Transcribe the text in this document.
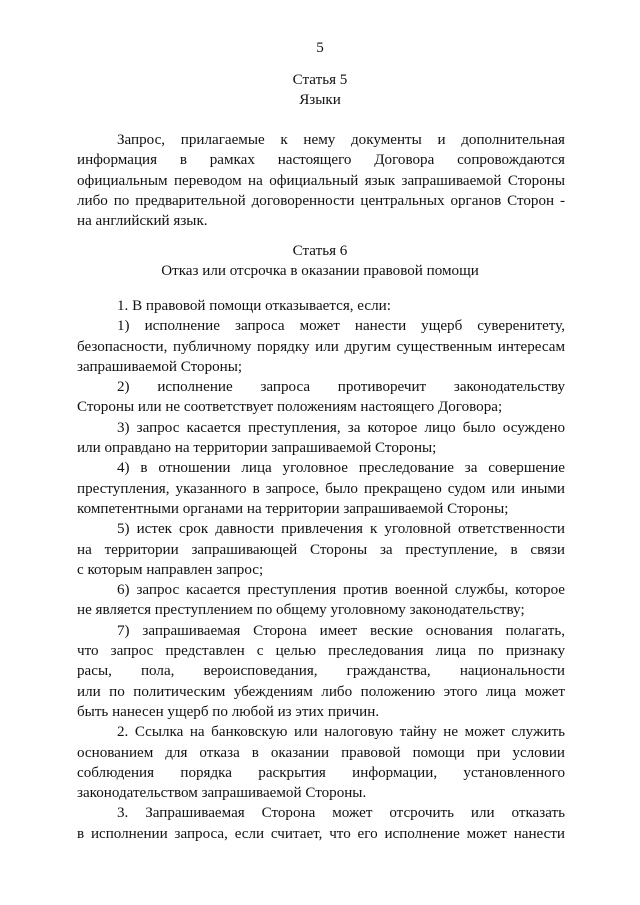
5
Статья 5
Языки
Запрос, прилагаемые к нему документы и дополнительная
информация в рамках настоящего Договора сопровождаются
официальным переводом на официальный язык запрашиваемой Стороны
либо по предварительной договоренности центральных органов Сторон -
на английский язык.
Статья 6
Отказ или отсрочка в оказании правовой помощи
1. В правовой помощи отказывается, если:
1) исполнение запроса может нанести ущерб суверенитету,
безопасности, публичному порядку или другим существенным интересам
запрашиваемой Стороны;
2) исполнение запроса противоречит законодательству
Стороны или не соответствует положениям настоящего Договора;
3) запрос касается преступления, за которое лицо было осуждено
или оправдано на территории запрашиваемой Стороны;
4) в отношении лица уголовное преследование за совершение
преступления, указанного в запросе, было прекращено судом или иными
компетентными органами на территории запрашиваемой Стороны;
5) истек срок давности привлечения к уголовной ответственности
на территории запрашивающей Стороны за преступление, в связи
с которым направлен запрос;
6) запрос касается преступления против военной службы, которое
не является преступлением по общему уголовному законодательству;
7) запрашиваемая Сторона имеет веские основания полагать,
что запрос представлен с целью преследования лица по признаку
расы, пола, вероисповедания, гражданства, национальности
или по политическим убеждениям либо положению этого лица может
быть нанесен ущерб по любой из этих причин.
2. Ссылка на банковскую или налоговую тайну не может служить
основанием для отказа в оказании правовой помощи при условии
соблюдения порядка раскрытия информации, установленного
законодательством запрашиваемой Стороны.
3. Запрашиваемая Сторона может отсрочить или отказать
в исполнении запроса, если считает, что его исполнение может нанести
